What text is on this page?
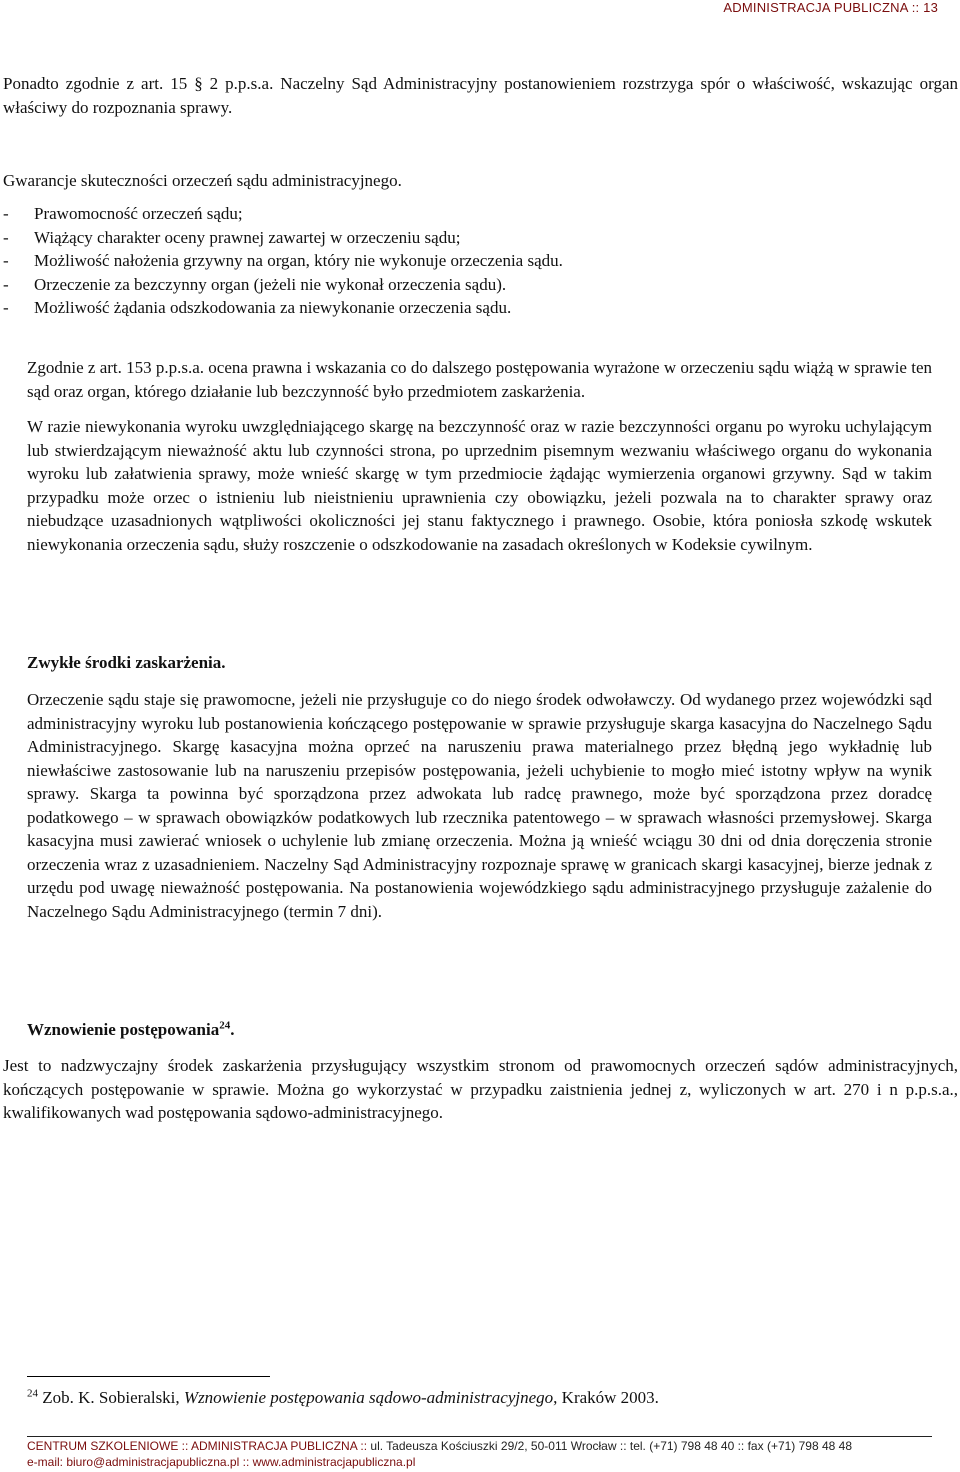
ADMINISTRACJA PUBLICZNA :: 13

Ponadto zgodnie z art. 15 § 2 p.p.s.a. Naczelny Sąd Administracyjny postanowieniem rozstrzyga spór o właściwość, wskazując organ właściwy do rozpoznania sprawy.

Gwarancje skuteczności orzeczeń sądu administracyjnego.
- Prawomocność orzeczeń sądu;
- Wiążący charakter oceny prawnej zawartej w orzeczeniu sądu;
- Możliwość nałożenia grzywny na organ, który nie wykonuje orzeczenia sądu.
- Orzeczenie za bezczynny organ (jeżeli nie wykonał orzeczenia sądu).
- Możliwość żądania odszkodowania za niewykonanie orzeczenia sądu.

Zgodnie z art. 153 p.p.s.a. ocena prawna i wskazania co do dalszego postępowania wyrażone w orzeczeniu sądu wiążą w sprawie ten sąd oraz organ, którego działanie lub bezczynność było przedmiotem zaskarżenia.

W razie niewykonania wyroku uwzględniającego skargę na bezczynność oraz w razie bezczynności organu po wyroku uchylającym lub stwierdzającym nieważność aktu lub czynności strona, po uprzednim pisemnym wezwaniu właściwego organu do wykonania wyroku lub załatwienia sprawy, może wnieść skargę w tym przedmiocie żądając wymierzenia organowi grzywny. Sąd w takim przypadku może orzec o istnieniu lub nieistnieniu uprawnienia czy obowiązku, jeżeli pozwala na to charakter sprawy oraz niebudzące uzasadnionych wątpliwości okoliczności jej stanu faktycznego i prawnego. Osobie, która poniosła szkodę wskutek niewykonania orzeczenia sądu, służy roszczenie o odszkodowanie na zasadach określonych w Kodeksie cywilnym.

Zwykłe środki zaskarżenia.

Orzeczenie sądu staje się prawomocne, jeżeli nie przysługuje co do niego środek odwoławczy. Od wydanego przez wojewódzki sąd administracyjny wyroku lub postanowienia kończącego postępowanie w sprawie przysługuje skarga kasacyjna do Naczelnego Sądu Administracyjnego. Skargę kasacyjna można oprzeć na naruszeniu prawa materialnego przez błędną jego wykładnię lub niewłaściwe zastosowanie lub na naruszeniu przepisów postępowania, jeżeli uchybienie to mogło mieć istotny wpływ na wynik sprawy. Skarga ta powinna być sporządzona przez adwokata lub radcę prawnego, może być sporządzona przez doradcę podatkowego – w sprawach obowiązków podatkowych lub rzecznika patentowego – w sprawach własności przemysłowej. Skarga kasacyjna musi zawierać wniosek o uchylenie lub zmianę orzeczenia. Można ją wnieść wciągu 30 dni od dnia doręczenia stronie orzeczenia wraz z uzasadnieniem. Naczelny Sąd Administracyjny rozpoznaje sprawę w granicach skargi kasacyjnej, bierze jednak z urzędu pod uwagę nieważność postępowania. Na postanowienia wojewódzkiego sądu administracyjnego przysługuje zażalenie do Naczelnego Sądu Administracyjnego (termin 7 dni).

Wznowienie postępowania$^{24}$.

Jest to nadzwyczajny środek zaskarżenia przysługujący wszystkim stronom od prawomocnych orzeczeń sądów administracyjnych, kończących postępowanie w sprawie. Można go wykorzystać w przypadku zaistnienia jednej z, wyliczonych w art. 270 i n p.p.s.a., kwalifikowanych wad postępowania sądowo-administracyjnego.

$^{24}$ Zob. K. Sobieralski, Wznowienie postępowania sądowo-administracyjnego, Kraków 2003.
CENTRUM SZKOLENIOWE :: ADMINISTRACJA PUBLICZNA :: ul. Tadeusza Kościuszki 29/2, 50-011 Wrocław :: tel. (+71) 798 48 40 :: fax (+71) 798 48 48
e-mail: biuro@administracjapubliczna.pl :: www.administracjapubliczna.pl
